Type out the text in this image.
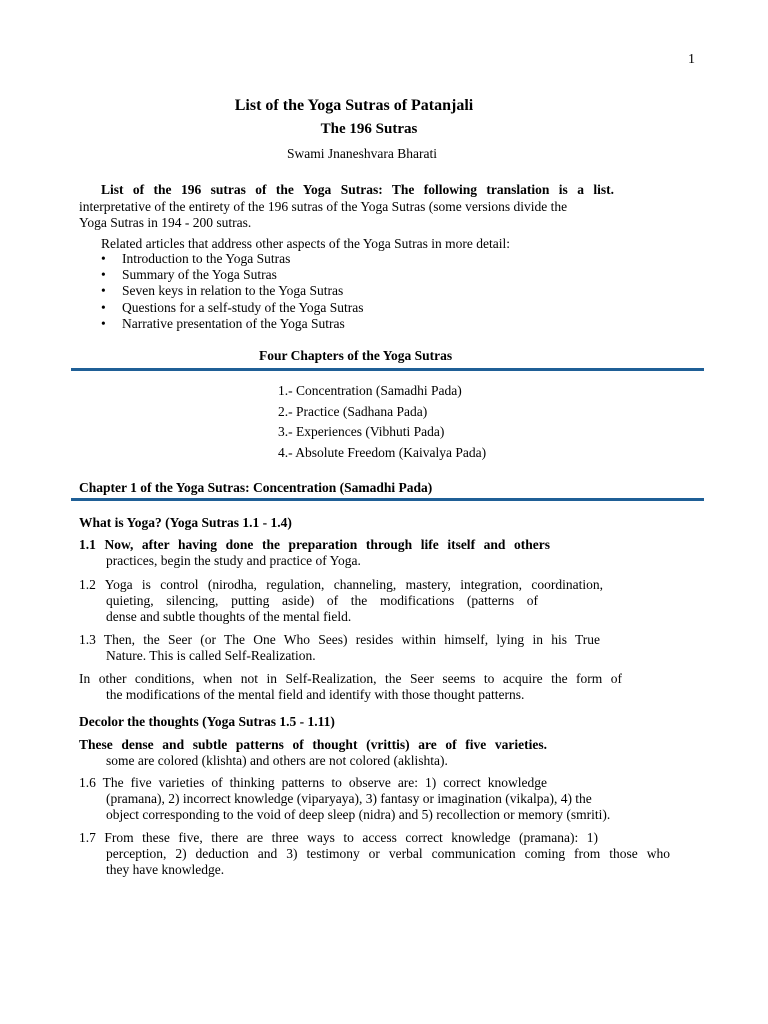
1
List of the Yoga Sutras of Patanjali
The 196 Sutras
Swami Jnaneshvara Bharati
List of the 196 sutras of the Yoga Sutras: The following translation is a list.
interpretative of the entirety of the 196 sutras of the Yoga Sutras (some versions divide the
Yoga Sutras in 194 - 200 sutras.
Related articles that address other aspects of the Yoga Sutras in more detail:
• Introduction to the Yoga Sutras
• Summary of the Yoga Sutras
• Seven keys in relation to the Yoga Sutras
• Questions for a self-study of the Yoga Sutras
• Narrative presentation of the Yoga Sutras
Four Chapters of the Yoga Sutras
1.- Concentration (Samadhi Pada)
2.- Practice (Sadhana Pada)
3.- Experiences (Vibhuti Pada)
4.- Absolute Freedom (Kaivalya Pada)
Chapter 1 of the Yoga Sutras: Concentration (Samadhi Pada)
What is Yoga? (Yoga Sutras 1.1 - 1.4)
1.1 Now, after having done the preparation through life itself and others
practices, begin the study and practice of Yoga.
1.2 Yoga is control (nirodha, regulation, channeling, mastery, integration, coordination,
quieting, silencing, putting aside) of the modifications (patterns of
dense and subtle thoughts of the mental field.
1.3 Then, the Seer (or The One Who Sees) resides within himself, lying in his True
Nature. This is called Self-Realization.
In other conditions, when not in Self-Realization, the Seer seems to acquire the form of
the modifications of the mental field and identify with those thought patterns.
Decolor the thoughts (Yoga Sutras 1.5 - 1.11)
These dense and subtle patterns of thought (vrittis) are of five varieties.
some are colored (klishta) and others are not colored (aklishta).
1.6 The five varieties of thinking patterns to observe are: 1) correct knowledge
(pramana), 2) incorrect knowledge (viparyaya), 3) fantasy or imagination (vikalpa), 4) the
object corresponding to the void of deep sleep (nidra) and 5) recollection or memory (smriti).
1.7 From these five, there are three ways to access correct knowledge (pramana): 1)
perception, 2) deduction and 3) testimony or verbal communication coming from those who
they have knowledge.
